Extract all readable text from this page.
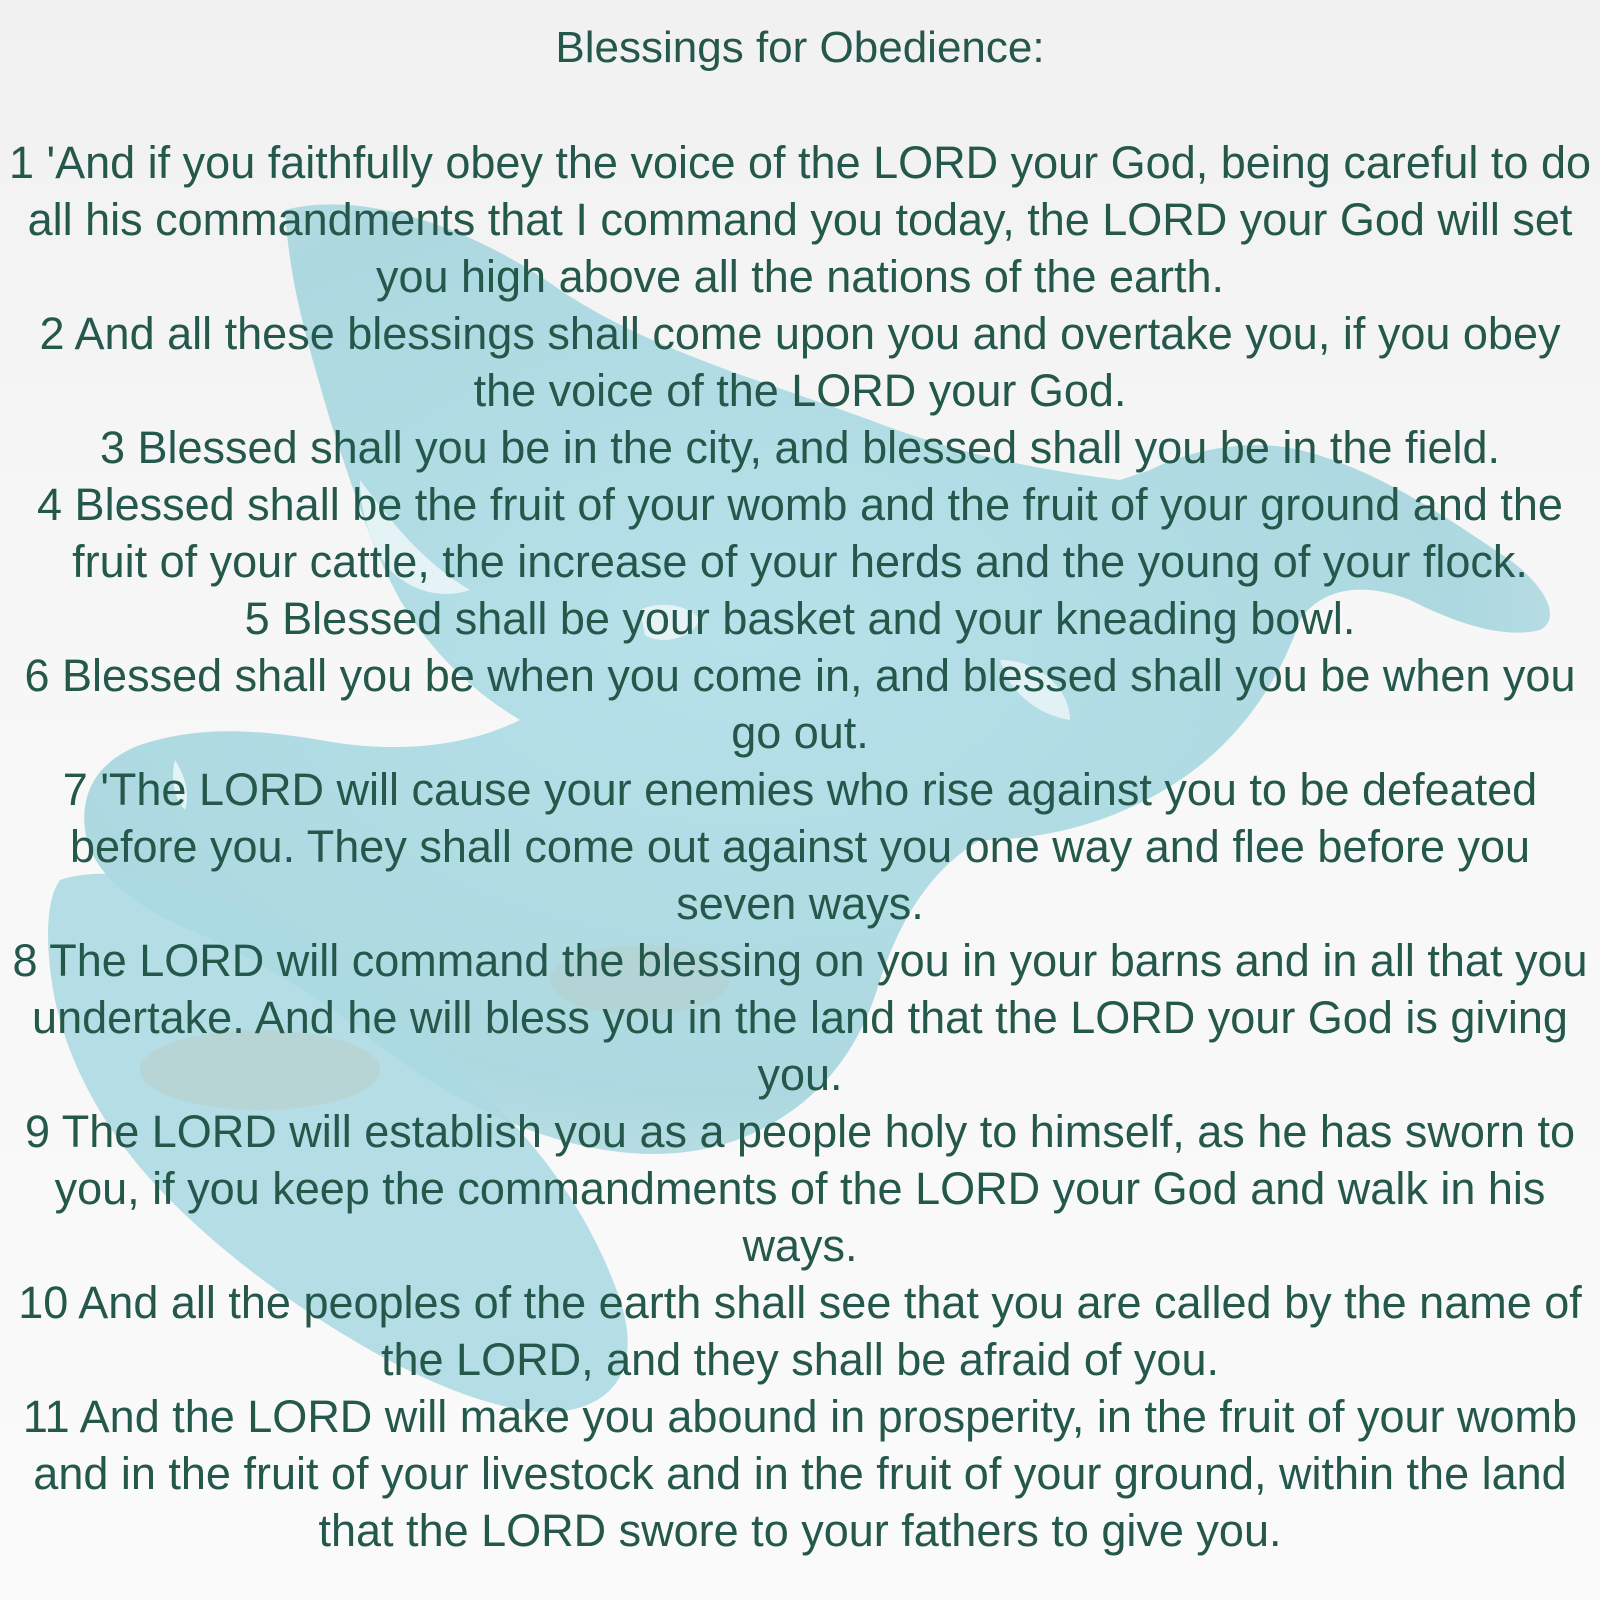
Blessings for Obedience:
1 'And if you faithfully obey the voice of the LORD your God, being careful to do all his commandments that I command you today, the LORD your God will set you high above all the nations of the earth.
2 And all these blessings shall come upon you and overtake you, if you obey the voice of the LORD your God.
3 Blessed shall you be in the city, and blessed shall you be in the field.
4 Blessed shall be the fruit of your womb and the fruit of your ground and the fruit of your cattle, the increase of your herds and the young of your flock.
5 Blessed shall be your basket and your kneading bowl.
6 Blessed shall you be when you come in, and blessed shall you be when you go out.
7 'The LORD will cause your enemies who rise against you to be defeated before you. They shall come out against you one way and flee before you seven ways.
8 The LORD will command the blessing on you in your barns and in all that you undertake. And he will bless you in the land that the LORD your God is giving you.
9 The LORD will establish you as a people holy to himself, as he has sworn to you, if you keep the commandments of the LORD your God and walk in his ways.
10 And all the peoples of the earth shall see that you are called by the name of the LORD, and they shall be afraid of you.
11 And the LORD will make you abound in prosperity, in the fruit of your womb and in the fruit of your livestock and in the fruit of your ground, within the land that the LORD swore to your fathers to give you.
